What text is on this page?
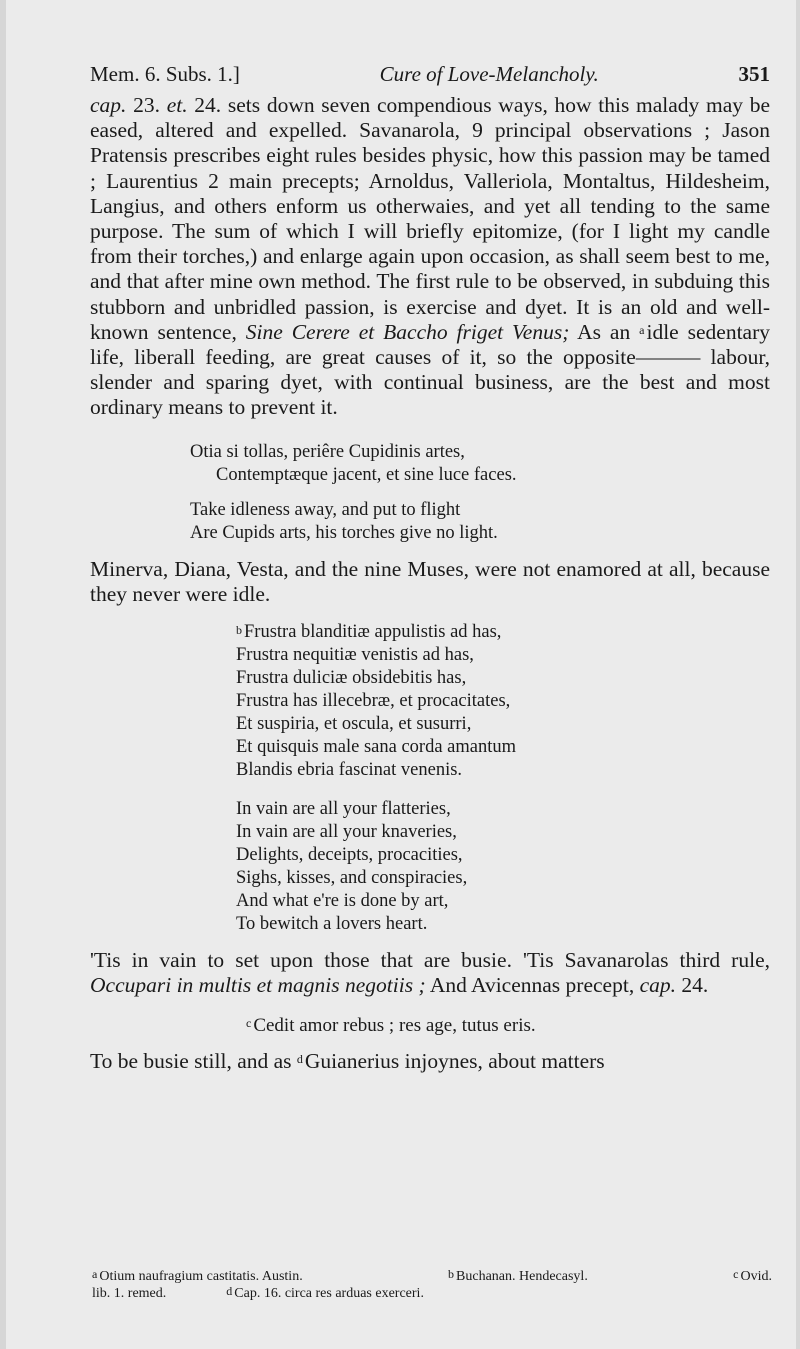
Mem. 6. Subs. 1.]	Cure of Love-Melancholy.	351

cap. 23. et. 24. sets down seven compendious ways, how this malady may be eased, altered and expelled. Savanarola, 9 principal observations ; Jason Pratensis prescribes eight rules besides physic, how this passion may be tamed ; Laurentius 2 main precepts; Arnoldus, Valleriola, Montaltus, Hildesheim, Langius, and others enform us otherwaies, and yet all tending to the same purpose. The sum of which I will briefly epitomize, (for I light my candle from their torches,) and enlarge again upon occasion, as shall seem best to me, and that after mine own method. The first rule to be observed, in subduing this stubborn and unbridled passion, is exercise and dyet. It is an old and well-known sentence, Sine Cerere et Baccho friget Venus; As an $^a$idle sedentary life, liberall feeding, are great causes of it, so the opposite——— labour, slender and sparing dyet, with continual business, are the best and most ordinary means to prevent it.

Otia si tollas, periêre Cupidinis artes,
Contemptæque jacent, et sine luce faces.
Take idleness away, and put to flight
Are Cupids arts, his torches give no light.

Minerva, Diana, Vesta, and the nine Muses, were not enamored at all, because they never were idle.

$^b$ Frustra blanditiæ appulistis ad has,
Frustra nequitiæ venistis ad has,
Frustra duliciæ obsidebitis has,
Frustra has illecebræ, et procacitates,
Et suspiria, et oscula, et susurri,
Et quisquis male sana corda amantum
Blandis ebria fascinat venenis.
In vain are all your flatteries,
In vain are all your knaveries,
Delights, deceipts, procacities,
Sighs, kisses, and conspiracies,
And what e're is done by art,
To bewitch a lovers heart.

'Tis in vain to set upon those that are busie. 'Tis Savanarolas third rule, Occupari in multis et magnis negotiis ; And Avicennas precept, cap. 24.

$^c$ Cedit amor rebus ; res age, tutus eris.

To be busie still, and as $^d$Guianerius injoynes, about matters

$^a$ Otium naufragium castitatis. Austin.	$^b$ Buchanan. Hendecasyl.	$^c$ Ovid.
lib. 1. remed.	$^d$ Cap. 16. circa res arduas exerceri.
